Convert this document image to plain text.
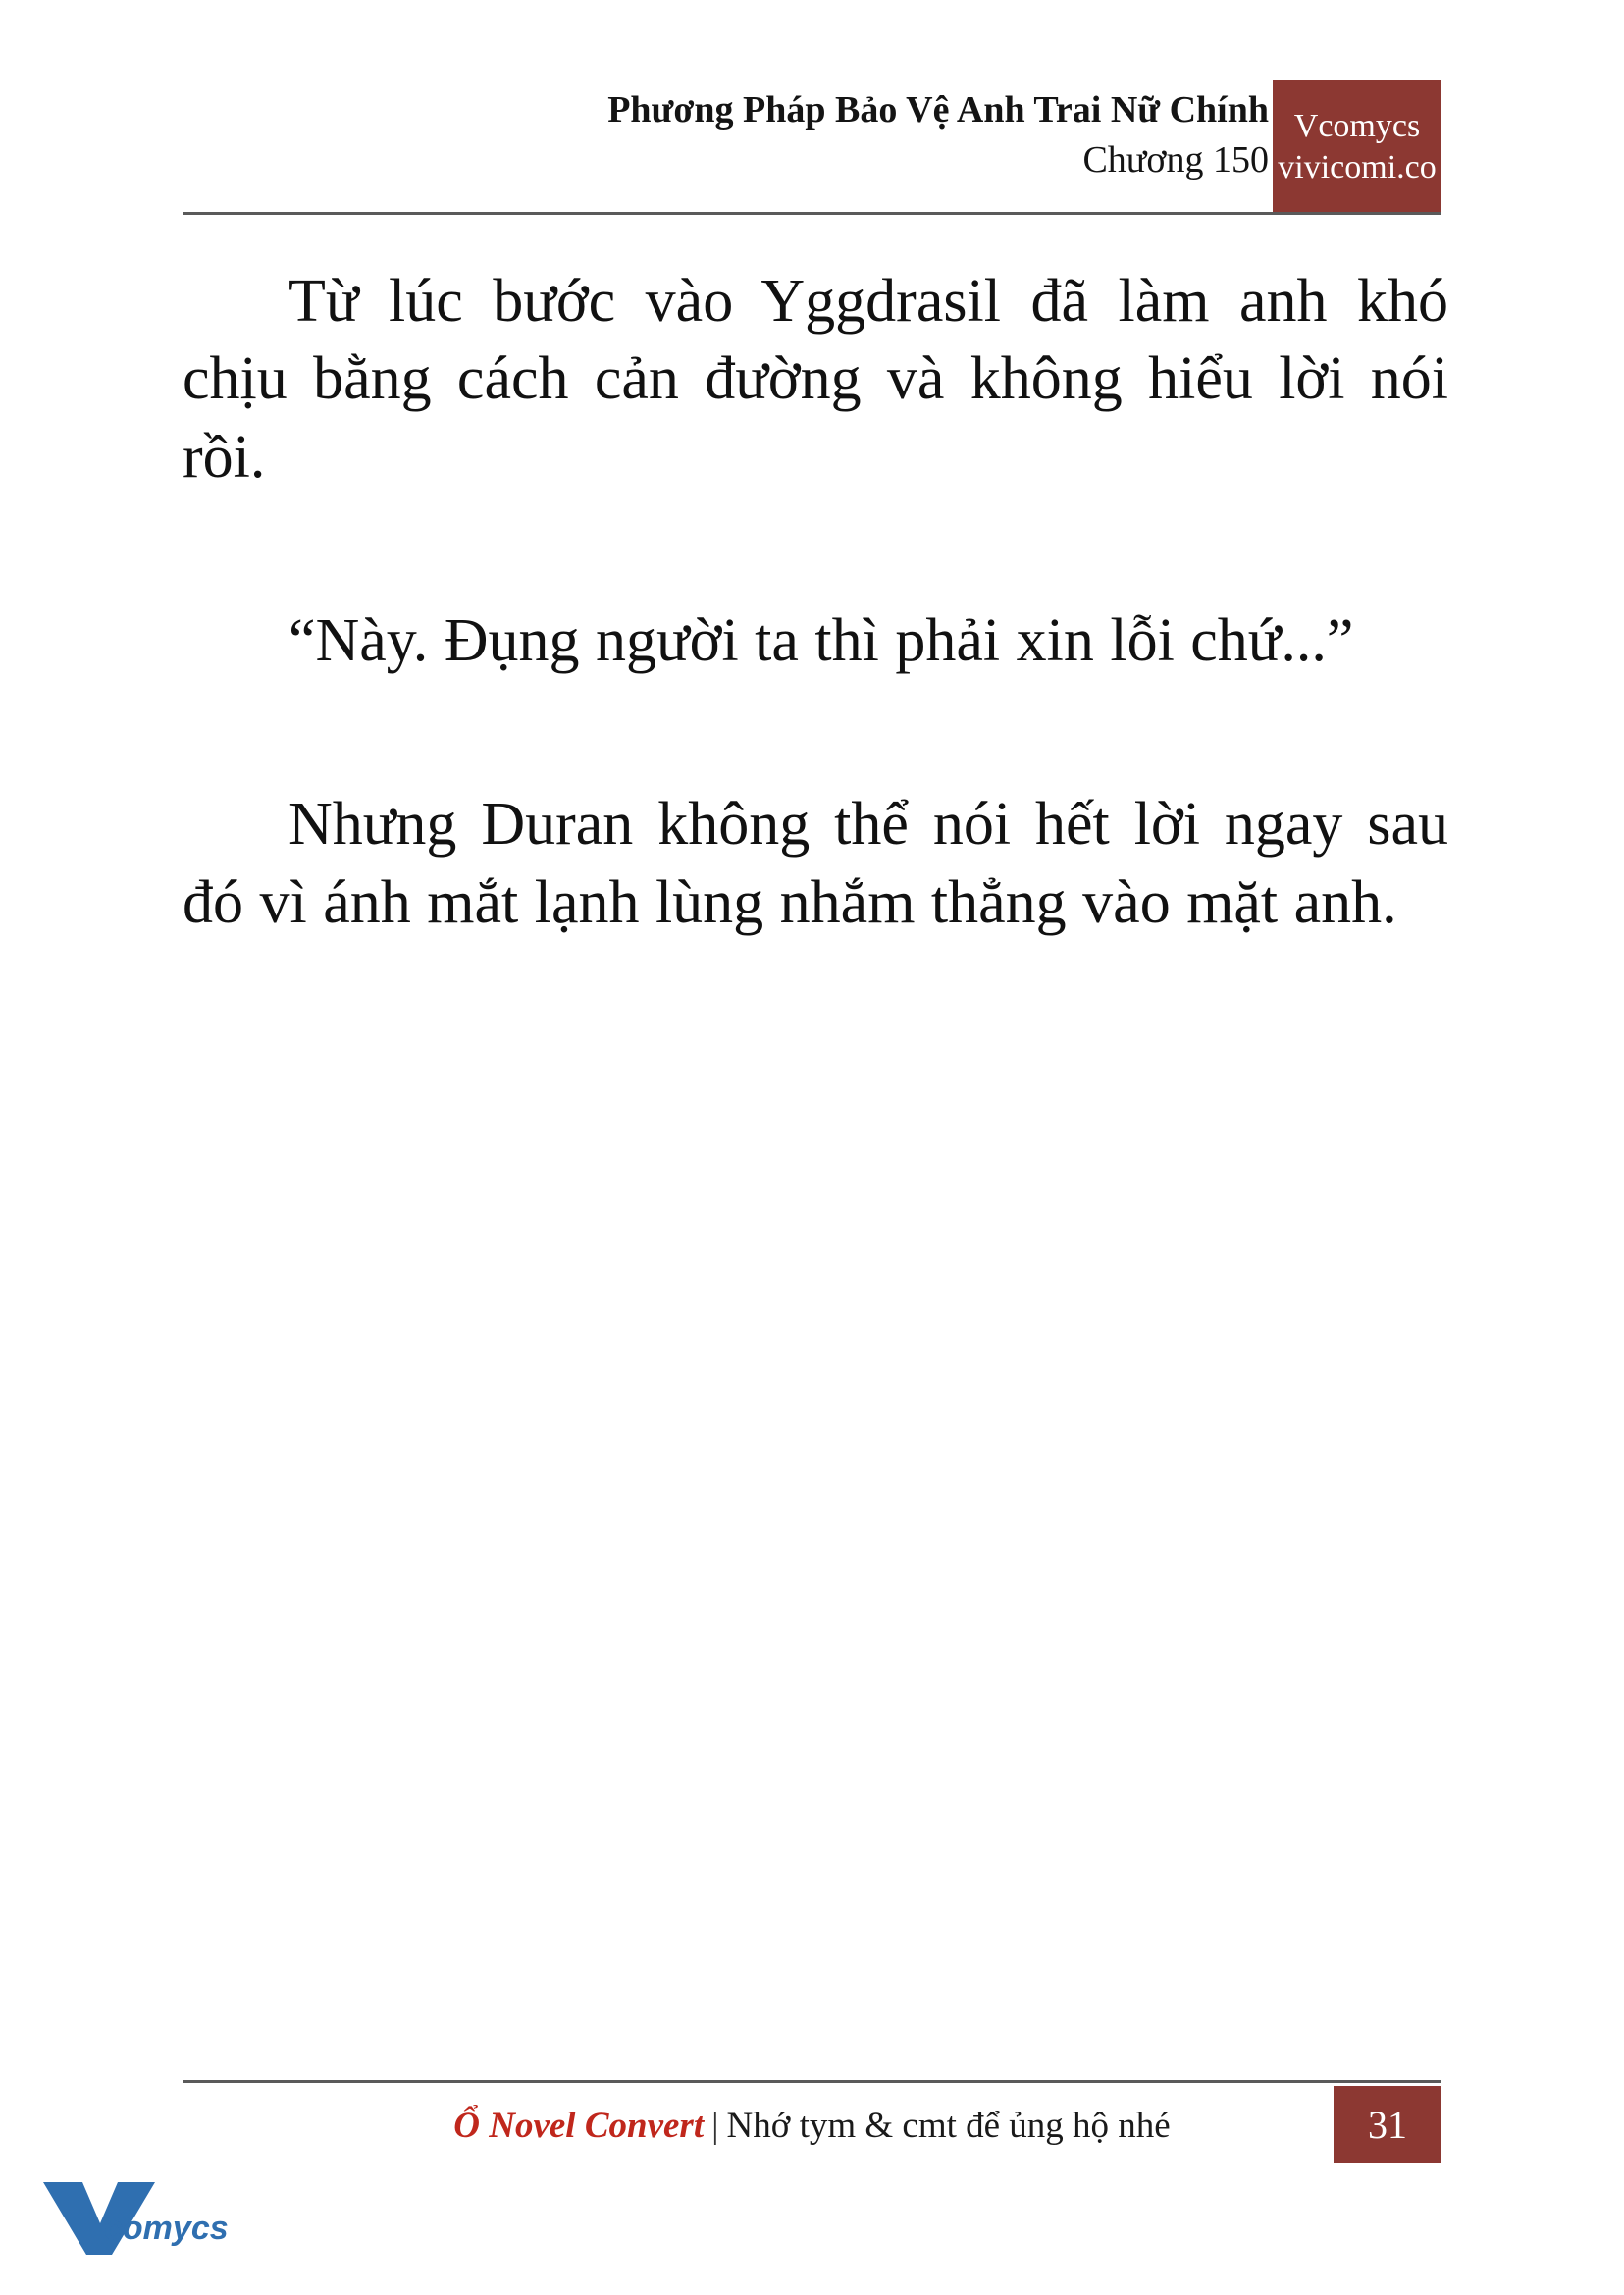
Phương Pháp Bảo Vệ Anh Trai Nữ Chính
Chương 150
Vcomycs
vivicomi.co

Từ lúc bước vào Yggdrasil đã làm anh khó chịu bằng cách cản đường và không hiểu lời nói rồi.

“Này. Đụng người ta thì phải xin lỗi chứ...”

Nhưng Duran không thể nói hết lời ngay sau đó vì ánh mắt lạnh lùng nhắm thẳng vào mặt anh.

Ổ Novel Convert | Nhớ tym & cmt để ủng hộ nhé	31
comycs
